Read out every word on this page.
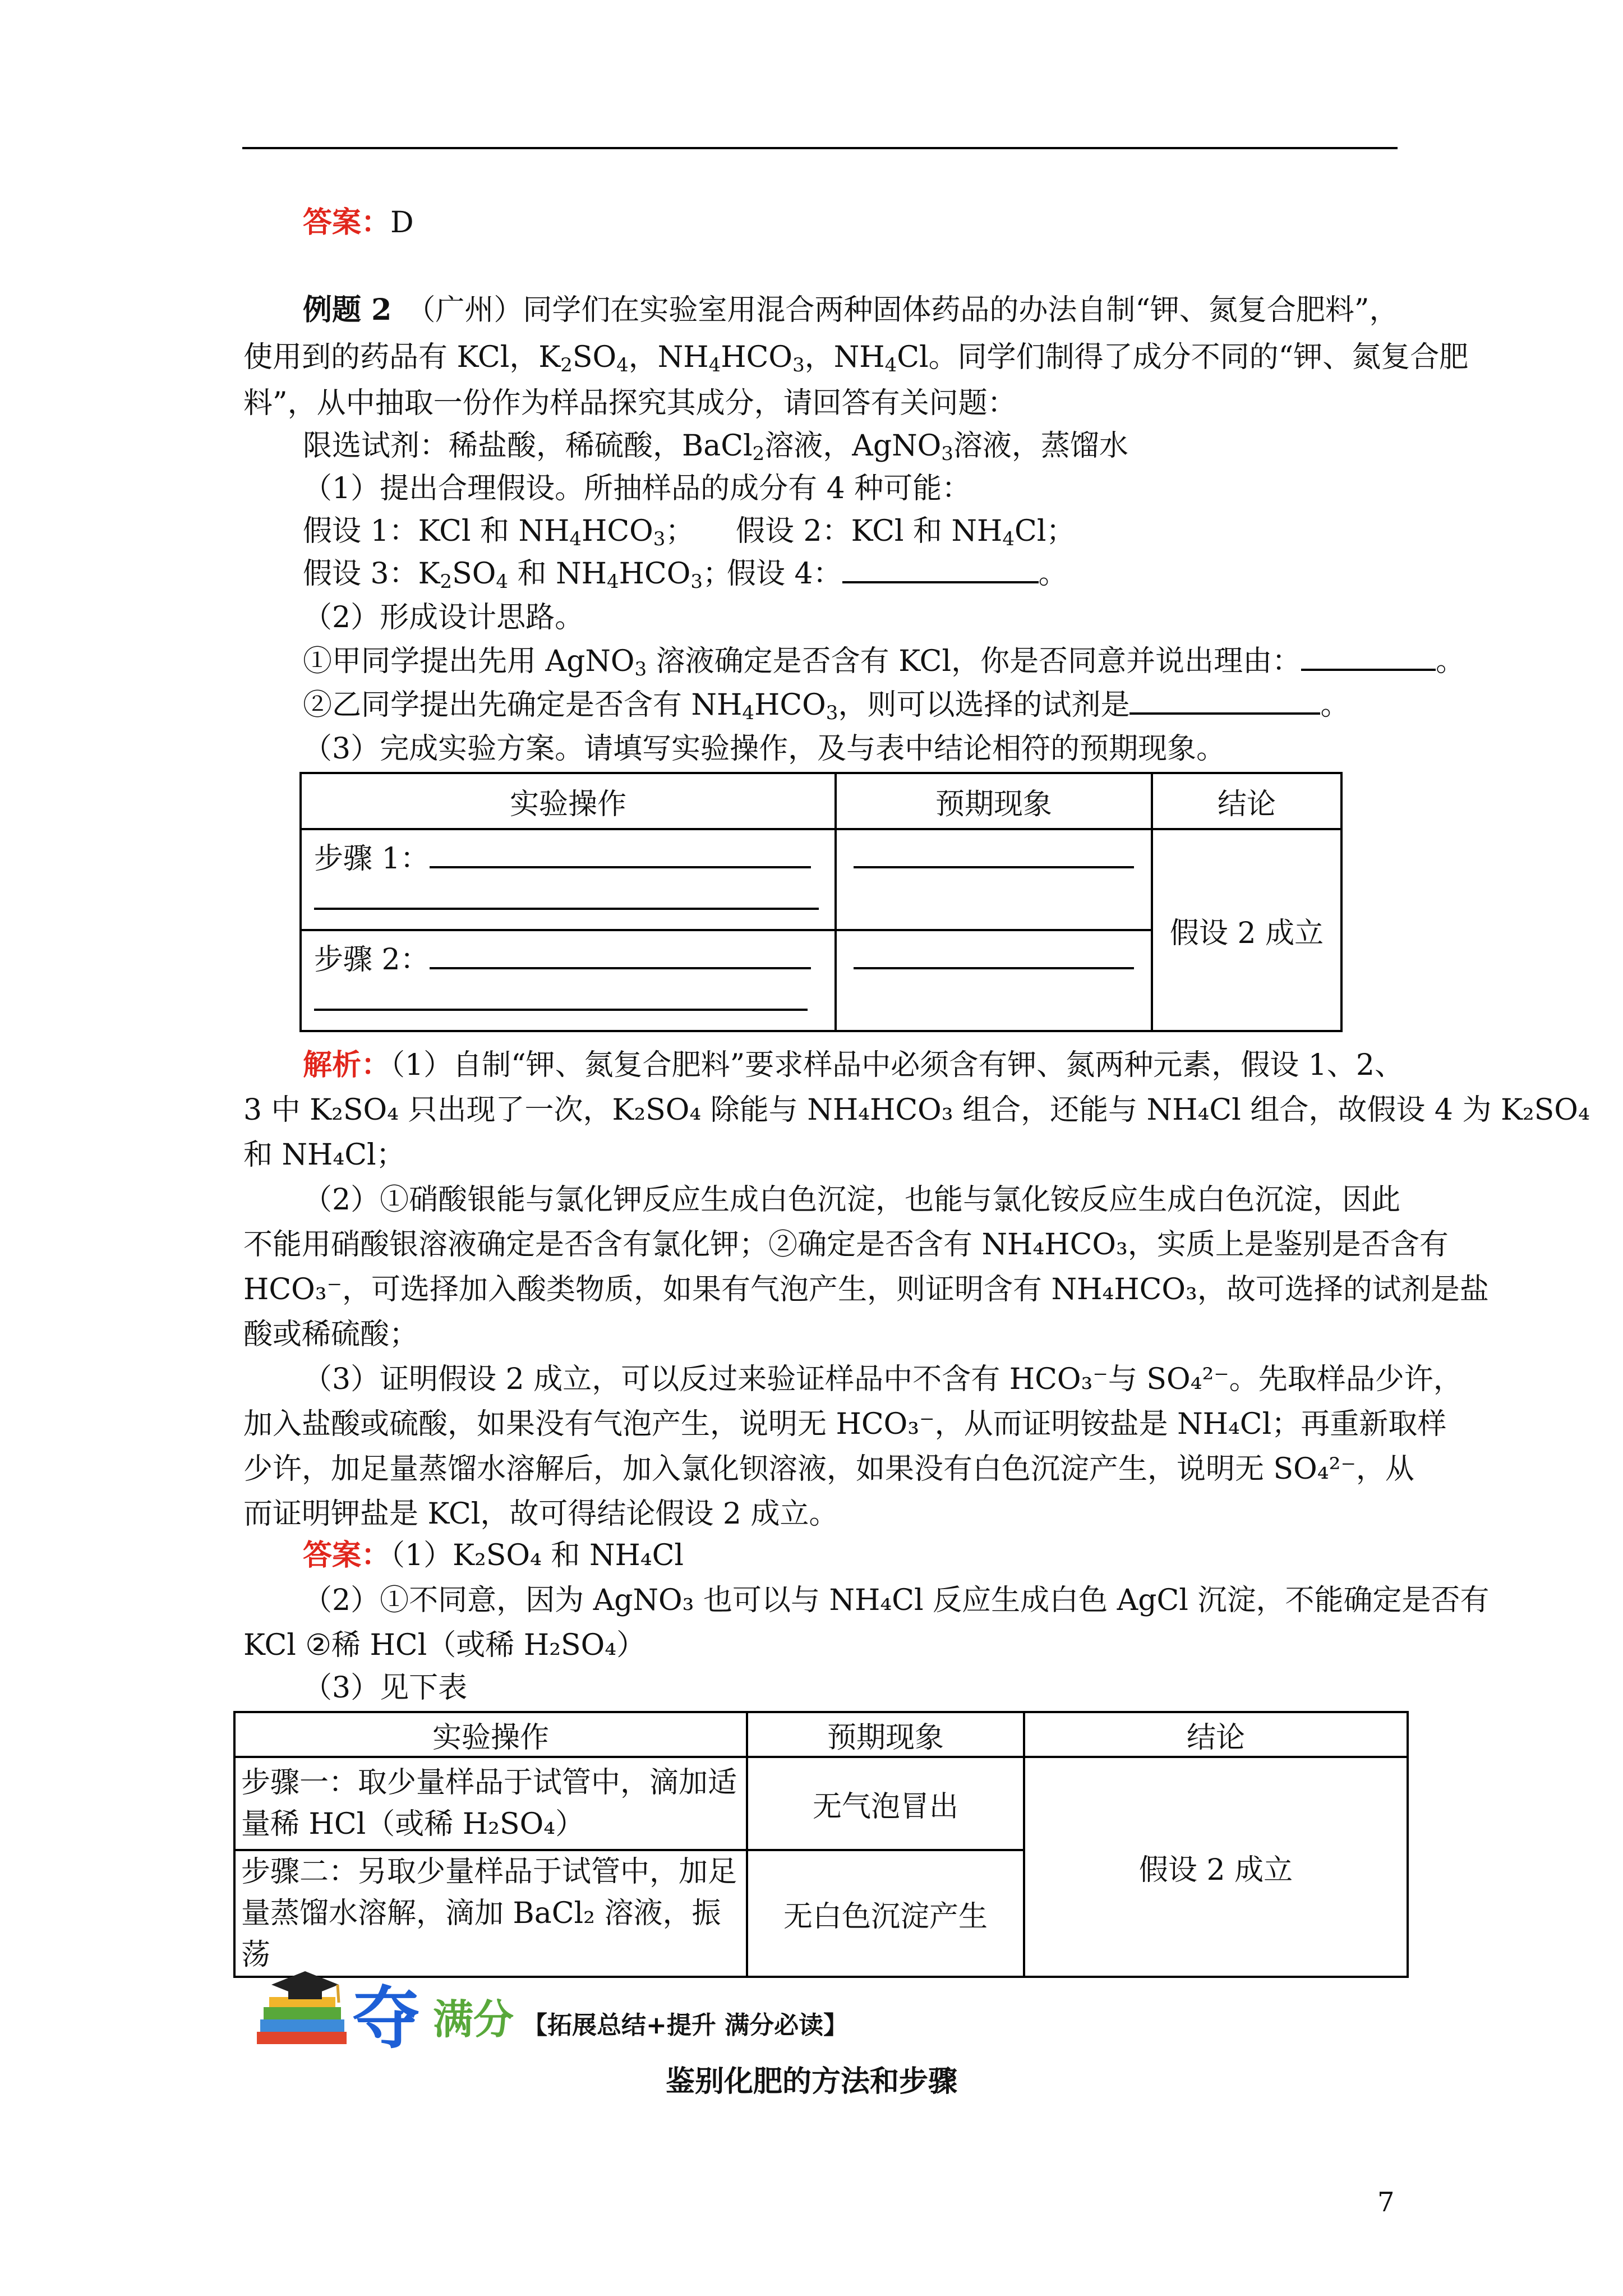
答案：D
例题 2　 （广州）同学们在实验室用混合两种固体药品的办法自制“钾、氮复合肥料”，
使用到的药品有 KCl，$K_2SO_4$，$NH_4HCO_3$，$NH_4Cl$。同学们制得了成分不同的“钾、氮复合肥
料”，从中抽取一份作为样品探究其成分，请回答有关问题：
限选试剂：稀盐酸，稀硫酸，BaCl$_2$溶液，AgNO$_3$溶液，蒸馏水
（1）提出合理假设。所抽样品的成分有 4 种可能：
假设 1：KCl 和 $NH_4HCO_3$； 假设 2：KCl 和 $NH_4Cl$；
假设 3：$K_2SO_4$ 和 $NH_4HCO_3$；
假设 4：	。
（2）形成设计思路。
①甲同学提出先用 AgNO$_3$ 溶液确定是否含有 KCl，你是否同意并说出理由：	。
②乙同学提出先确定是否含有 $NH_4HCO_3$，则可以选择的试剂是	。
（3）完成实验方案。请填写实验操作，及与表中结论相符的预期现象。
实验操作	预期现象	结论

步骤 1：		假设 2 成立

步骤 2：		

解析：（1）自制“钾、氮复合肥料”要求样品中必须含有钾、氮两种元素，假设 1、2、
3 中 K₂SO₄ 只出现了一次，K₂SO₄ 除能与 NH₄HCO₃ 组合，还能与 NH₄Cl 组合，故假设 4 为 K₂SO₄
和 NH₄Cl；
（2）①硝酸银能与氯化钾反应生成白色沉淀，也能与氯化铵反应生成白色沉淀，因此
不能用硝酸银溶液确定是否含有氯化钾；②确定是否含有 NH₄HCO₃，实质上是鉴别是否含有
HCO₃⁻，可选择加入酸类物质，如果有气泡产生，则证明含有 NH₄HCO₃，故可选择的试剂是盐
酸或稀硫酸；
（3）证明假设 2 成立，可以反过来验证样品中不含有 HCO₃⁻与 SO₄²⁻。先取样品少许，
加入盐酸或硫酸，如果没有气泡产生，说明无 HCO₃⁻，从而证明铵盐是 NH₄Cl；再重新取样
少许，加足量蒸馏水溶解后，加入氯化钡溶液，如果没有白色沉淀产生，说明无 SO₄²⁻，从
而证明钾盐是 KCl，故可得结论假设 2 成立。
答案：（1）K₂SO₄ 和 NH₄Cl
（2）①不同意，因为 AgNO₃ 也可以与 NH₄Cl 反应生成白色 AgCl 沉淀，不能确定是否有
KCl ②稀 HCl（或稀 H₂SO₄）
（3）见下表
实验操作	预期现象	结论

步骤一：取少量样品于试管中，滴加适
量稀 HCl（或稀 H₂SO₄）	无气泡冒出	假设 2 成立

步骤二：另取少量样品于试管中，加足
量蒸馏水溶解，滴加 BaCl₂ 溶液，振荡	无白色沉淀产生	
夺 满分 【拓展总结+提升 满分必读】
鉴别化肥的方法和步骤
7
